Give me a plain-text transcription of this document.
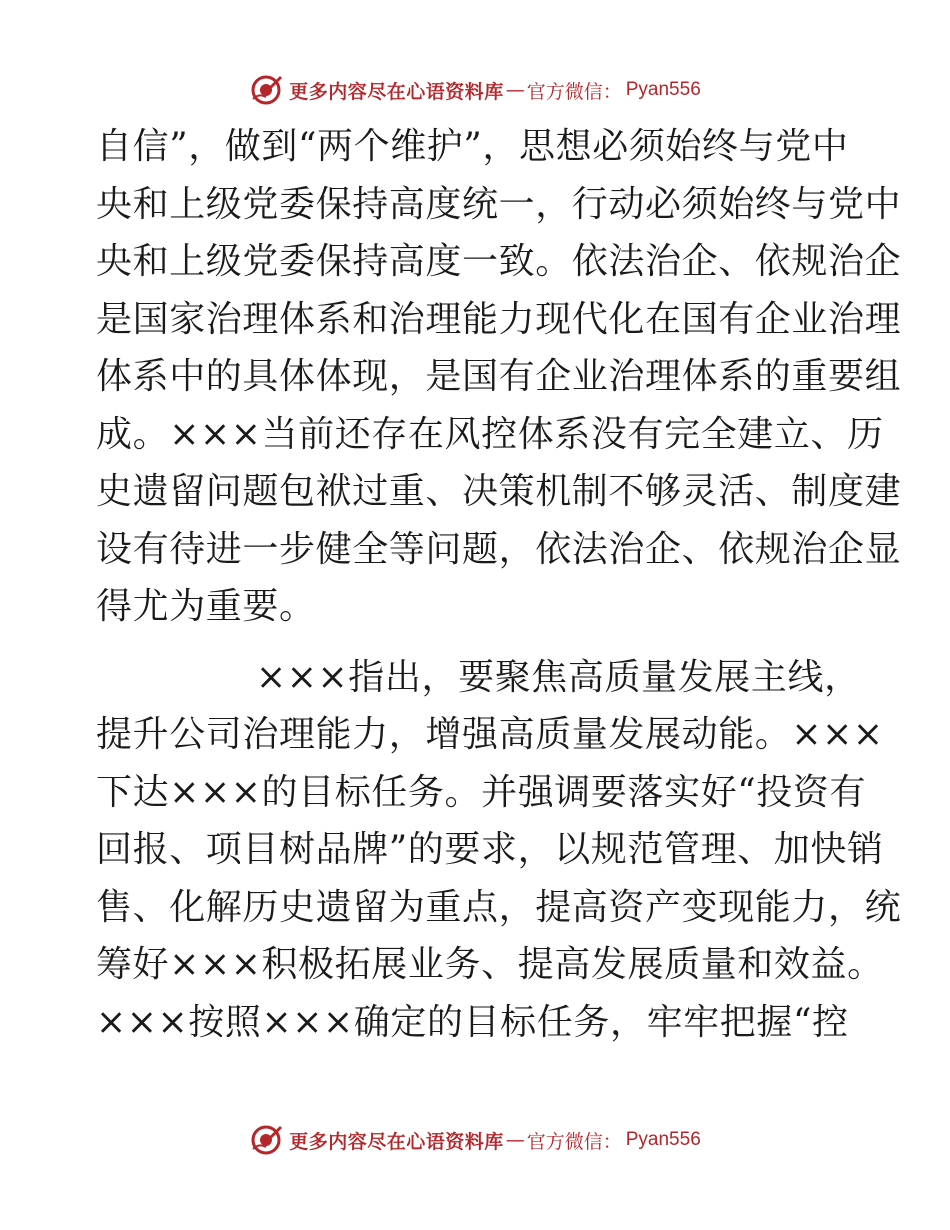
更多内容尽在心语资料库 — 官方微信： Pyan556
自信”，做到“两个维护”，思想必须始终与党中
央和上级党委保持高度统一，行动必须始终与党中
央和上级党委保持高度一致。依法治企、依规治企
是国家治理体系和治理能力现代化在国有企业治理
体系中的具体体现，是国有企业治理体系的重要组
成。×××当前还存在风控体系没有完全建立、历
史遗留问题包袱过重、决策机制不够灵活、制度建
设有待进一步健全等问题，依法治企、依规治企显
得尤为重要。
×××指出，要聚焦高质量发展主线，
提升公司治理能力，增强高质量发展动能。×××
下达×××的目标任务。并强调要落实好“投资有
回报、项目树品牌”的要求，以规范管理、加快销
售、化解历史遗留为重点，提高资产变现能力，统
筹好×××积极拓展业务、提高发展质量和效益。
×××按照×××确定的目标任务，牢牢把握“控
更多内容尽在心语资料库 — 官方微信： Pyan556
